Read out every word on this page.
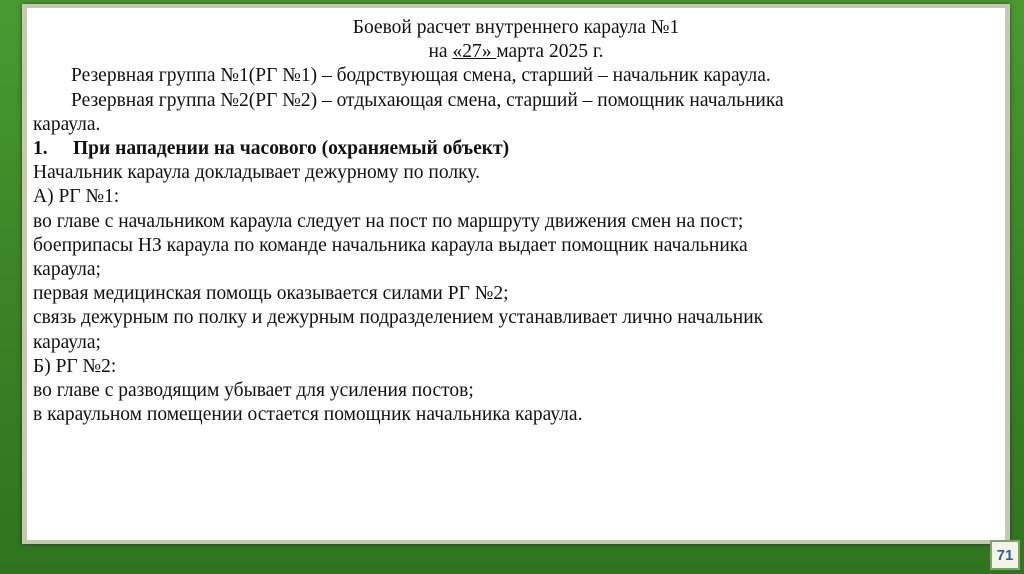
Боевой расчет внутреннего караула №1
на «27» марта 2025 г.
Резервная группа №1(РГ №1) – бодрствующая смена, старший – начальник караула.
Резервная группа №2(РГ №2) – отдыхающая смена, старший – помощник начальника
караула.
1. При нападении на часового (охраняемый объект)
Начальник караула докладывает дежурному по полку.
А) РГ №1:
во главе с начальником караула следует на пост по маршруту движения смен на пост;
боеприпасы НЗ караула по команде начальника караула выдает помощник начальника
караула;
первая медицинская помощь оказывается силами РГ №2;
связь дежурным по полку и дежурным подразделением устанавливает лично начальник
караула;
Б) РГ №2:
во главе с разводящим убывает для усиления постов;
в караульном помещении остается помощник начальника караула.
71
